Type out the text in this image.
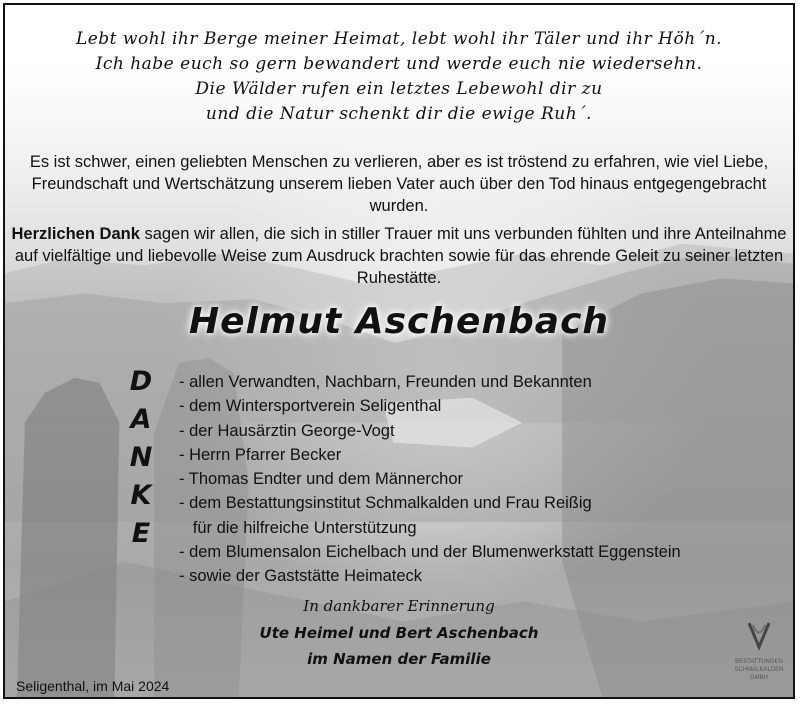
Lebt wohl ihr Berge meiner Heimat, lebt wohl ihr Täler und ihr Höh´n.
Ich habe euch so gern bewandert und werde euch nie wiedersehn.
Die Wälder rufen ein letztes Lebewohl dir zu
und die Natur schenkt dir die ewige Ruh´.
Es ist schwer, einen geliebten Menschen zu verlieren, aber es ist tröstend zu erfahren, wie viel Liebe, Freundschaft und Wertschätzung unserem lieben Vater auch über den Tod hinaus entgegengebracht wurden.
Herzlichen Dank sagen wir allen, die sich in stiller Trauer mit uns verbunden fühlten und ihre Anteilnahme auf vielfältige und liebevolle Weise zum Ausdruck brachten sowie für das ehrende Geleit zu seiner letzten Ruhestätte.
Helmut Aschenbach
D
A
N
K
E
- allen Verwandten, Nachbarn, Freunden und Bekannten
- dem Wintersportverein Seligenthal
- der Hausärztin George-Vogt
- Herrn Pfarrer Becker
- Thomas Endter und dem Männerchor
- dem Bestattungsinstitut Schmalkalden und Frau Reißig
für die hilfreiche Unterstützung
- dem Blumensalon Eichelbach und der Blumenwerkstatt Eggenstein
- sowie der Gaststätte Heimateck
In dankbarer Erinnerung
Ute Heimel und Bert Aschenbach
im Namen der Familie
Seligenthal, im Mai 2024
BESTATTUNGEN
SCHMALKALDEN
GMBH
